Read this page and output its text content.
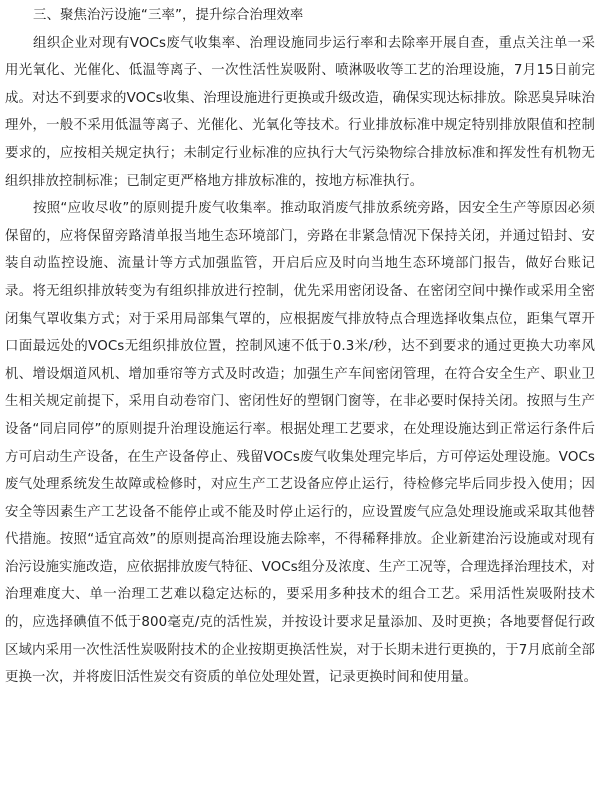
三、聚焦治污设施“三率”，提升综合治理效率

组织企业对现有VOCs废气收集率、治理设施同步运行率和去除率开展自查，重点关注单一采用光氧化、光催化、低温等离子、一次性活性炭吸附、喷淋吸收等工艺的治理设施，7月15日前完成。对达不到要求的VOCs收集、治理设施进行更换或升级改造，确保实现达标排放。除恶臭异味治理外，一般不采用低温等离子、光催化、光氧化等技术。行业排放标准中规定特别排放限值和控制要求的，应按相关规定执行；未制定行业标准的应执行大气污染物综合排放标准和挥发性有机物无组织排放控制标准；已制定更严格地方排放标准的，按地方标准执行。

按照“应收尽收”的原则提升废气收集率。推动取消废气排放系统旁路，因安全生产等原因必须保留的，应将保留旁路清单报当地生态环境部门，旁路在非紧急情况下保持关闭，并通过铅封、安装自动监控设施、流量计等方式加强监管，开启后应及时向当地生态环境部门报告，做好台账记录。将无组织排放转变为有组织排放进行控制，优先采用密闭设备、在密闭空间中操作或采用全密闭集气罩收集方式；对于采用局部集气罩的，应根据废气排放特点合理选择收集点位，距集气罩开口面最远处的VOCs无组织排放位置，控制风速不低于0.3米/秒，达不到要求的通过更换大功率风机、增设烟道风机、增加垂帘等方式及时改造；加强生产车间密闭管理，在符合安全生产、职业卫生相关规定前提下，采用自动卷帘门、密闭性好的塑钢门窗等，在非必要时保持关闭。按照与生产设备“同启同停”的原则提升治理设施运行率。根据处理工艺要求，在处理设施达到正常运行条件后方可启动生产设备，在生产设备停止、残留VOCs废气收集处理完毕后，方可停运处理设施。VOCs废气处理系统发生故障或检修时，对应生产工艺设备应停止运行，待检修完毕后同步投入使用；因安全等因素生产工艺设备不能停止或不能及时停止运行的，应设置废气应急处理设施或采取其他替代措施。按照“适宜高效”的原则提高治理设施去除率，不得稀释排放。企业新建治污设施或对现有治污设施实施改造，应依据排放废气特征、VOCs组分及浓度、生产工况等，合理选择治理技术，对治理难度大、单一治理工艺难以稳定达标的，要采用多种技术的组合工艺。采用活性炭吸附技术的，应选择碘值不低于800毫克/克的活性炭，并按设计要求足量添加、及时更换；各地要督促行政区域内采用一次性活性炭吸附技术的企业按期更换活性炭，对于长期未进行更换的，于7月底前全部更换一次，并将废旧活性炭交有资质的单位处理处置，记录更换时间和使用量。
